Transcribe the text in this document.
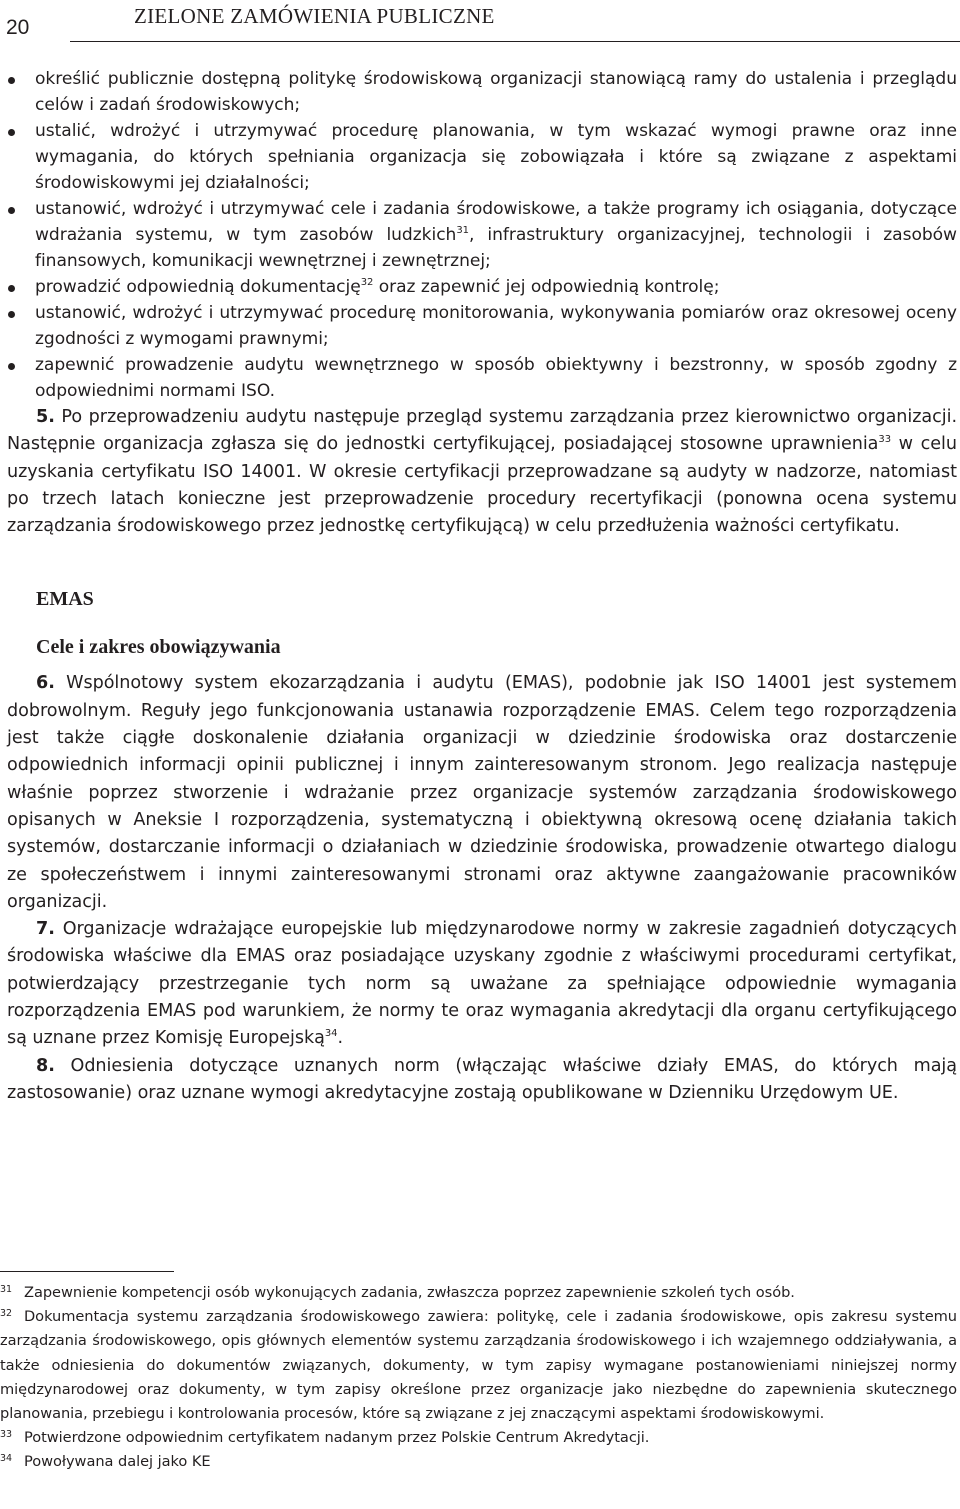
20	ZIELONE ZAMÓWIENIA PUBLICZNE
określić publicznie dostępną politykę środowiskową organizacji stanowiącą ramy do ustalenia i przeglądu celów i zadań środowiskowych;
ustalić, wdrożyć i utrzymywać procedurę planowania, w tym wskazać wymogi prawne oraz inne wymagania, do których spełniania organizacja się zobowiązała i które są związane z aspektami środowiskowymi jej działalności;
ustanowić, wdrożyć i utrzymywać cele i zadania środowiskowe, a także programy ich osiągania, dotyczące wdrażania systemu, w tym zasobów ludzkich$^{31}$, infrastruktury organizacyjnej, technologii i zasobów finansowych, komunikacji wewnętrznej i zewnętrznej;
prowadzić odpowiednią dokumentację$^{32}$ oraz zapewnić jej odpowiednią kontrolę;
ustanowić, wdrożyć i utrzymywać procedurę monitorowania, wykonywania pomiarów oraz okresowej oceny zgodności z wymogami prawnymi;
zapewnić prowadzenie audytu wewnętrznego w sposób obiektywny i bezstronny, w sposób zgodny z odpowiednimi normami ISO.

5. Po przeprowadzeniu audytu następuje przegląd systemu zarządzania przez kierownictwo organizacji. Następnie organizacja zgłasza się do jednostki certyfikującej, posiadającej stosowne uprawnienia$^{33}$ w celu uzyskania certyfikatu ISO 14001. W okresie certyfikacji przeprowadzane są audyty w nadzorze, natomiast po trzech latach konieczne jest przeprowadzenie procedury recertyfikacji (ponowna ocena systemu zarządzania środowiskowego przez jednostkę certyfikującą) w celu przedłużenia ważności certyfikatu.

EMAS
Cele i zakres obowiązywania

6. Wspólnotowy system ekozarządzania i audytu (EMAS), podobnie jak ISO 14001 jest systemem dobrowolnym. Reguły jego funkcjonowania ustanawia rozporządzenie EMAS. Celem tego rozporządzenia jest także ciągłe doskonalenie działania organizacji w dziedzinie środowiska oraz dostarczenie odpowiednich informacji opinii publicznej i innym zainteresowanym stronom. Jego realizacja następuje właśnie poprzez stworzenie i wdrażanie przez organizacje systemów zarządzania środowiskowego opisanych w Aneksie I rozporządzenia, systematyczną i obiektywną okresową ocenę działania takich systemów, dostarczanie informacji o działaniach w dziedzinie środowiska, prowadzenie otwartego dialogu ze społeczeństwem i innymi zainteresowanymi stronami oraz aktywne zaangażowanie pracowników organizacji.

7. Organizacje wdrażające europejskie lub międzynarodowe normy w zakresie zagadnień dotyczących środowiska właściwe dla EMAS oraz posiadające uzyskany zgodnie z właściwymi procedurami certyfikat, potwierdzający przestrzeganie tych norm są uważane za spełniające odpowiednie wymagania rozporządzenia EMAS pod warunkiem, że normy te oraz wymagania akredytacji dla organu certyfikującego są uznane przez Komisję Europejską$^{34}$.

8. Odniesienia dotyczące uznanych norm (włączając właściwe działy EMAS, do których mają zastosowanie) oraz uznane wymogi akredytacyjne zostają opublikowane w Dzienniku Urzędowym UE.

31 Zapewnienie kompetencji osób wykonujących zadania, zwłaszcza poprzez zapewnienie szkoleń tych osób.

32 Dokumentacja systemu zarządzania środowiskowego zawiera: politykę, cele i zadania środowiskowe, opis zakresu systemu zarządzania środowiskowego, opis głównych elementów systemu zarządzania środowiskowego i ich wzajemnego oddziaływania, a także odniesienia do dokumentów związanych, dokumenty, w tym zapisy wymagane postanowieniami niniejszej normy międzynarodowej oraz dokumenty, w tym zapisy określone przez organizacje jako niezbędne do zapewnienia skutecznego planowania, przebiegu i kontrolowania procesów, które są związane z jej znaczącymi aspektami środowiskowymi.

33 Potwierdzone odpowiednim certyfikatem nadanym przez Polskie Centrum Akredytacji.

34 Powoływana dalej jako KE
